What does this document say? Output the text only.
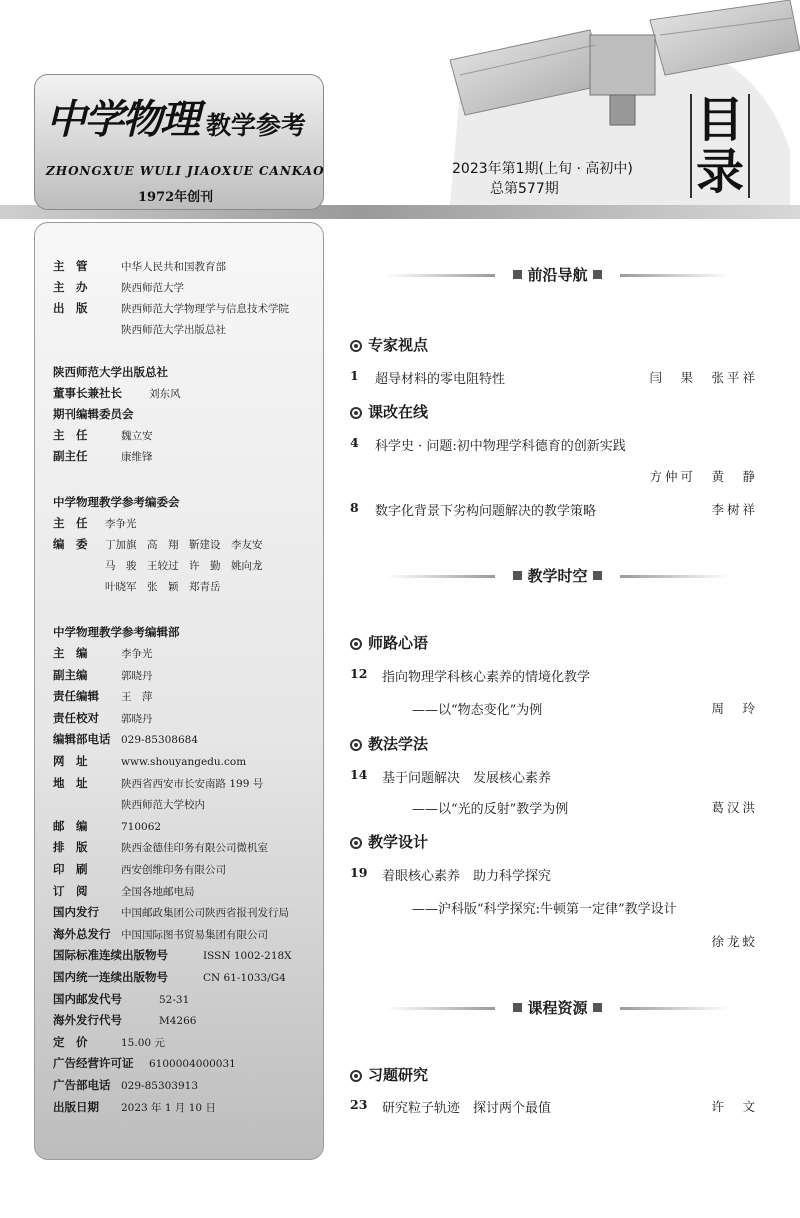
中学物理 教学参考
ZHONGXUE WULI JIAOXUE CANKAO
1972年创刊
2023年第1期(上旬 · 高初中)
总第577期
目
录
主　管	中华人民共和国教育部
主　办	陕西师范大学
出　版	陕西师范大学物理学与信息技术学院
陕西师范大学出版总社
陕西师范大学出版总社
董事长兼社长	刘东风
期刊编辑委员会
主　任	魏立安
副主任	康维锋
中学物理教学参考编委会
主　任 李争光
编　委 丁加旗　高　翔　靳建设　李友安
马　骏　王较过　许　勤　姚向龙
叶晓军　张　颖　郑青岳
中学物理教学参考编辑部
主　编	李争光
副主编	郭晓丹
责任编辑 王　萍
责任校对 郭晓丹
编辑部电话 029-85308684
网　址	www.shouyangedu.com
地　址	陕西省西安市长安南路 199 号
陕西师范大学校内
邮　编	710062
排　版	陕西金德佳印务有限公司微机室
印　刷	西安创维印务有限公司
订　阅	全国各地邮电局
国内发行 中国邮政集团公司陕西省报刊发行局
海外总发行 中国国际图书贸易集团有限公司
国际标准连续出版物号	ISSN 1002-218X
国内统一连续出版物号	CN 61-1033/G4
国内邮发代号	52-31
海外发行代号	M4266
定　价	15.00 元
广告经营许可证 6100004000031
广告部电话 029-85303913
出版日期 2023 年 1 月 10 日
前沿导航
专家视点
1 超导材料的零电阻特性	闫　果　张平祥
课改在线
4 科学史 · 问题:初中物理学科德育的创新实践
方仲可　黄　静
8 数字化背景下劣构问题解决的教学策略	李树祥
教学时空
师路心语
12 指向物理学科核心素养的情境化教学
——以“物态变化”为例	周　玲
教法学法
14 基于问题解决　发展核心素养
——以“光的反射”教学为例	葛汉洪
教学设计
19 着眼核心素养　助力科学探究
——沪科版“科学探究:牛顿第一定律”教学设计
徐龙蛟
课程资源
习题研究
23 研究粒子轨迹　探讨两个最值	许　文
